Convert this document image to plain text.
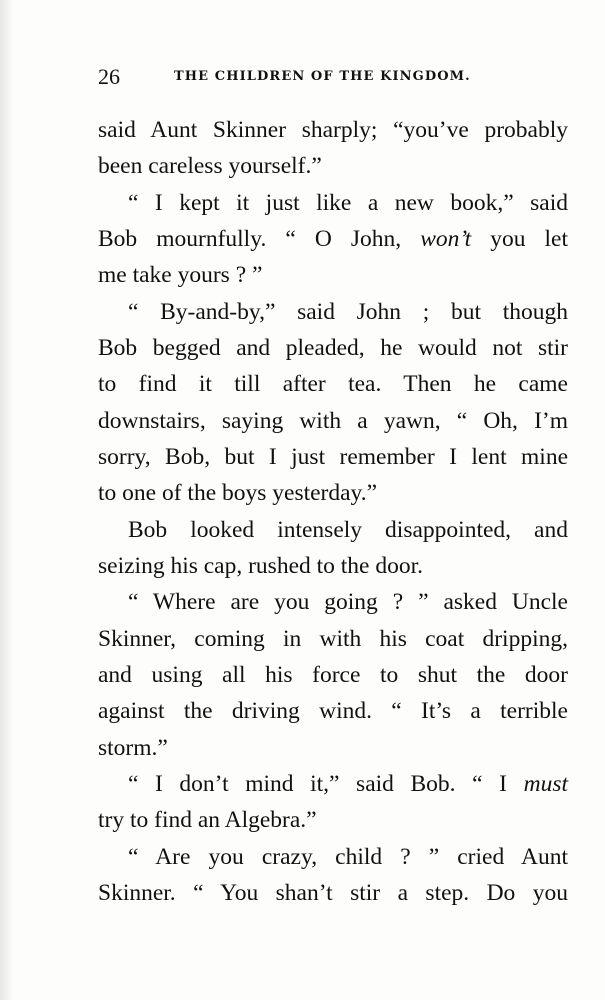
26	THE CHILDREN OF THE KINGDOM.
said Aunt Skinner sharply; “you’ve probably
been careless yourself.”
“ I kept it just like a new book,” said
Bob mournfully. “ O John, won’t you let
me take yours ? ”
“ By-and-by,” said John ; but though
Bob begged and pleaded, he would not stir
to find it till after tea. Then he came
downstairs, saying with a yawn, “ Oh, I’m
sorry, Bob, but I just remember I lent mine
to one of the boys yesterday.”
Bob looked intensely disappointed, and
seizing his cap, rushed to the door.
“ Where are you going ? ” asked Uncle
Skinner, coming in with his coat dripping,
and using all his force to shut the door
against the driving wind. “ It’s a terrible
storm.”
“ I don’t mind it,” said Bob. “ I must
try to find an Algebra.”
“ Are you crazy, child ? ” cried Aunt
Skinner. “ You shan’t stir a step. Do you
